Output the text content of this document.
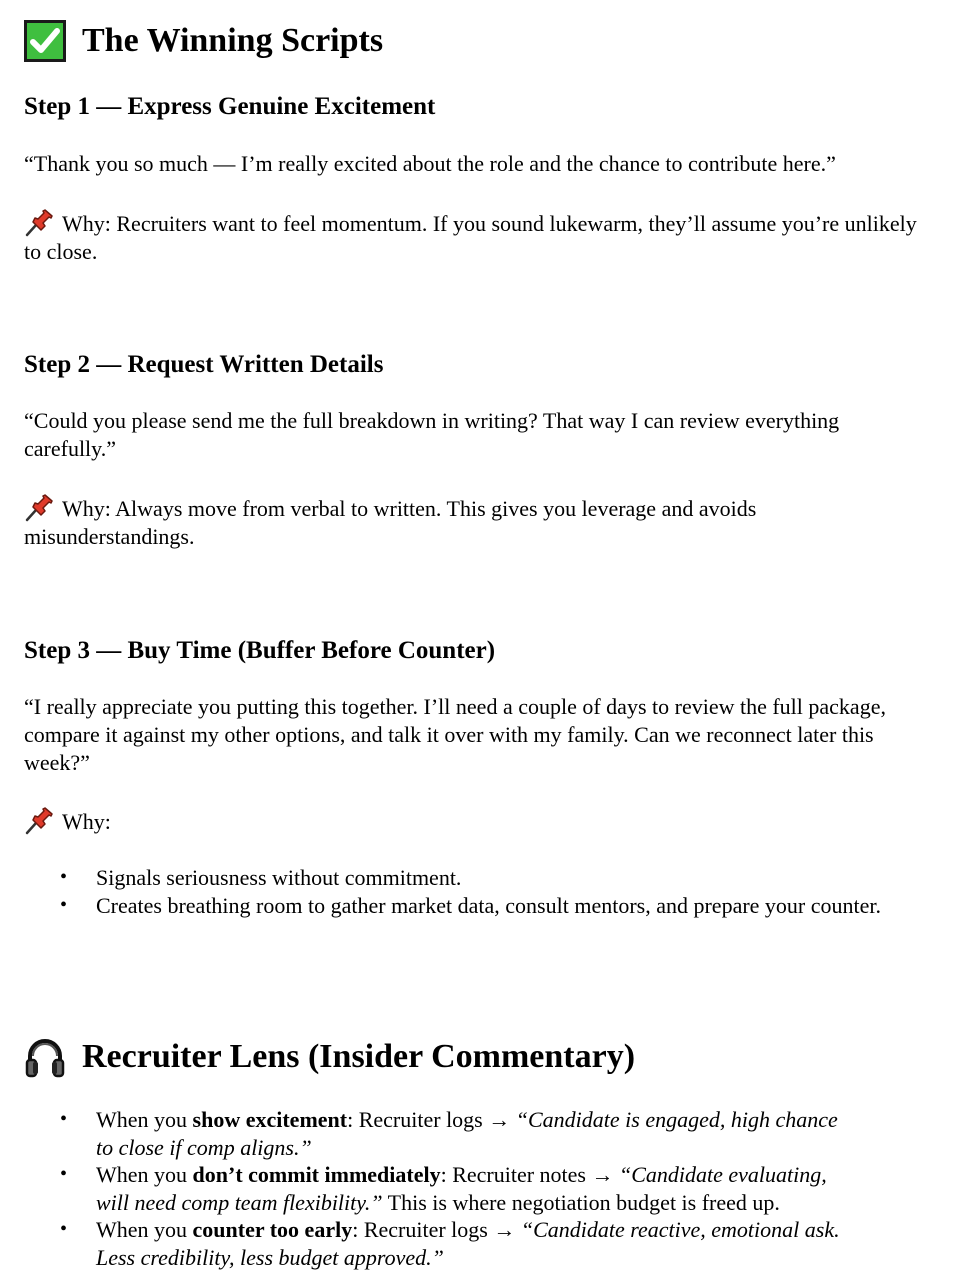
The Winning Scripts
Step 1 — Express Genuine Excitement
“Thank you so much — I’m really excited about the role and the chance to contribute here.”
Why: Recruiters want to feel momentum. If you sound lukewarm, they’ll assume you’re unlikely to close.
Step 2 — Request Written Details
“Could you please send me the full breakdown in writing? That way I can review everything carefully.”
Why: Always move from verbal to written. This gives you leverage and avoids misunderstandings.
Step 3 — Buy Time (Buffer Before Counter)
“I really appreciate you putting this together. I’ll need a couple of days to review the full package, compare it against my other options, and talk it over with my family. Can we reconnect later this week?”
Why:
• Signals seriousness without commitment.
• Creates breathing room to gather market data, consult mentors, and prepare your counter.
Recruiter Lens (Insider Commentary)
• When you show excitement: Recruiter logs → “Candidate is engaged, high chance
to close if comp aligns.”
• When you don’t commit immediately: Recruiter notes → “Candidate evaluating,
will need comp team flexibility.” This is where negotiation budget is freed up.
• When you counter too early: Recruiter logs → “Candidate reactive, emotional ask.
Less credibility, less budget approved.”
